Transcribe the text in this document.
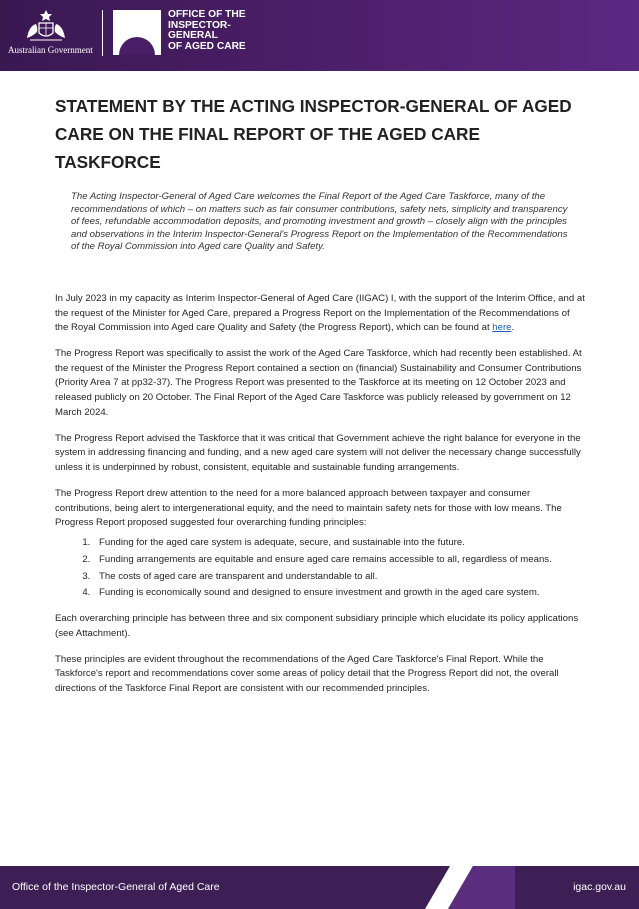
Australian Government
OFFICE OF THE
INSPECTOR-
GENERAL
OF AGED CARE
STATEMENT BY THE ACTING INSPECTOR-GENERAL OF AGED CARE ON THE FINAL REPORT OF THE AGED CARE TASKFORCE

The Acting Inspector-General of Aged Care welcomes the Final Report of the Aged Care Taskforce, many of the recommendations of which – on matters such as fair consumer contributions, safety nets, simplicity and transparency of fees, refundable accommodation deposits, and promoting investment and growth – closely align with the principles and observations in the Interim Inspector-General's Progress Report on the Implementation of the Recommendations of the Royal Commission into Aged care Quality and Safety.

In July 2023 in my capacity as Interim Inspector-General of Aged Care (IIGAC) I, with the support of the Interim Office, and at the request of the Minister for Aged Care, prepared a Progress Report on the Implementation of the Recommendations of the Royal Commission into Aged care Quality and Safety (the Progress Report), which can be found at here.

The Progress Report was specifically to assist the work of the Aged Care Taskforce, which had recently been established. At the request of the Minister the Progress Report contained a section on (financial) Sustainability and Consumer Contributions (Priority Area 7 at pp32-37). The Progress Report was presented to the Taskforce at its meeting on 12 October 2023 and released publicly on 20 October. The Final Report of the Aged Care Taskforce was publicly released by government on 12 March 2024.

The Progress Report advised the Taskforce that it was critical that Government achieve the right balance for everyone in the system in addressing financing and funding, and a new aged care system will not deliver the necessary change successfully unless it is underpinned by robust, consistent, equitable and sustainable funding arrangements.

The Progress Report drew attention to the need for a more balanced approach between taxpayer and consumer contributions, being alert to intergenerational equity, and the need to maintain safety nets for those with low means. The Progress Report proposed suggested four overarching funding principles:

1. Funding for the aged care system is adequate, secure, and sustainable into the future.
2. Funding arrangements are equitable and ensure aged care remains accessible to all, regardless of means.
3. The costs of aged care are transparent and understandable to all.
4. Funding is economically sound and designed to ensure investment and growth in the aged care system.

Each overarching principle has between three and six component subsidiary principle which elucidate its policy applications (see Attachment).

These principles are evident throughout the recommendations of the Aged Care Taskforce's Final Report. While the Taskforce's report and recommendations cover some areas of policy detail that the Progress Report did not, the overall directions of the Taskforce Final Report are consistent with our recommended principles.

Office of the Inspector-General of Aged Care	igac.gov.au
